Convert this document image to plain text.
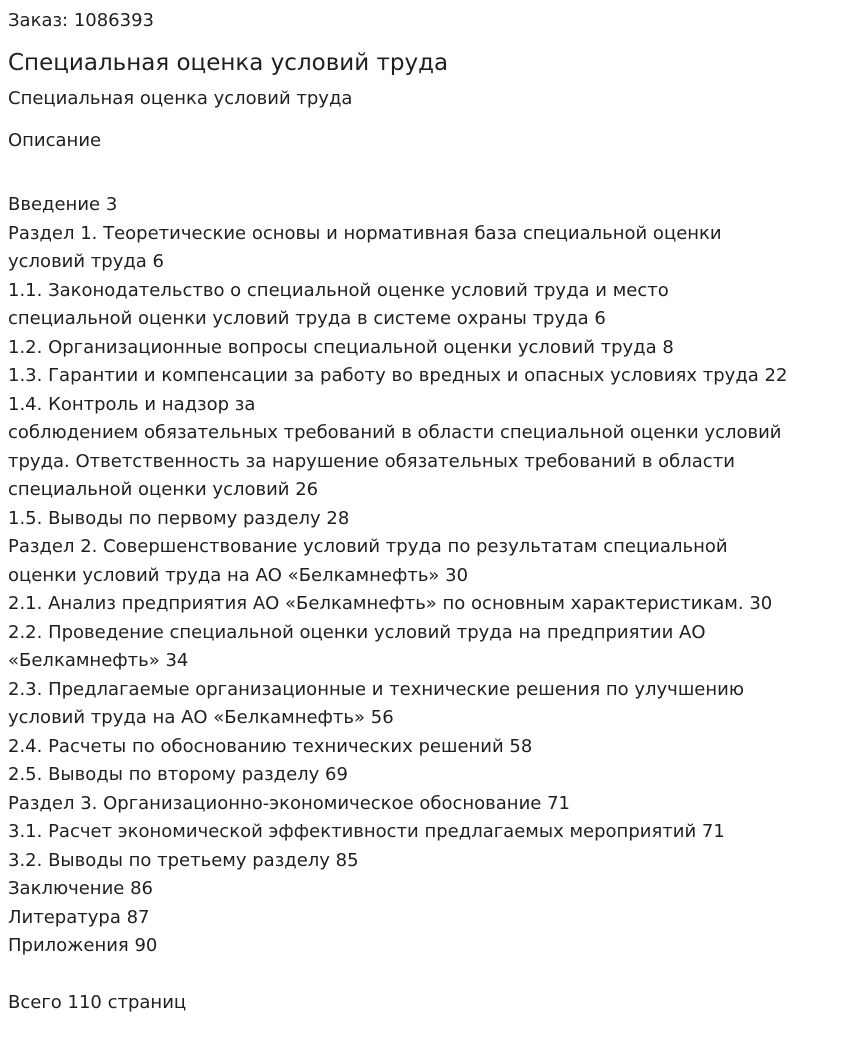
Заказ: 1086393

Специальная оценка условий труда

Специальная оценка условий труда

Описание

Введение 3
Раздел 1. Теоретические основы и нормативная база специальной оценки
условий труда 6
1.1. Законодательство о специальной оценке условий труда и место
специальной оценки условий труда в системе охраны труда 6
1.2. Организационные вопросы специальной оценки условий труда 8
1.3. Гарантии и компенсации за работу во вредных и опасных условиях труда 22
1.4. Контроль и надзор за
соблюдением обязательных требований в области специальной оценки условий
труда. Ответственность за нарушение обязательных требований в области
специальной оценки условий 26
1.5. Выводы по первому разделу 28
Раздел 2. Совершенствование условий труда по результатам специальной
оценки условий труда на АО «Белкамнефть» 30
2.1. Анализ предприятия АО «Белкамнефть» по основным характеристикам. 30
2.2. Проведение специальной оценки условий труда на предприятии АО
«Белкамнефть» 34
2.3. Предлагаемые организационные и технические решения по улучшению
условий труда на АО «Белкамнефть» 56
2.4. Расчеты по обоснованию технических решений 58
2.5. Выводы по второму разделу 69
Раздел 3. Организационно-экономическое обоснование 71
3.1. Расчет экономической эффективности предлагаемых мероприятий 71
3.2. Выводы по третьему разделу 85
Заключение 86
Литература 87
Приложения 90

Всего 110 страниц
